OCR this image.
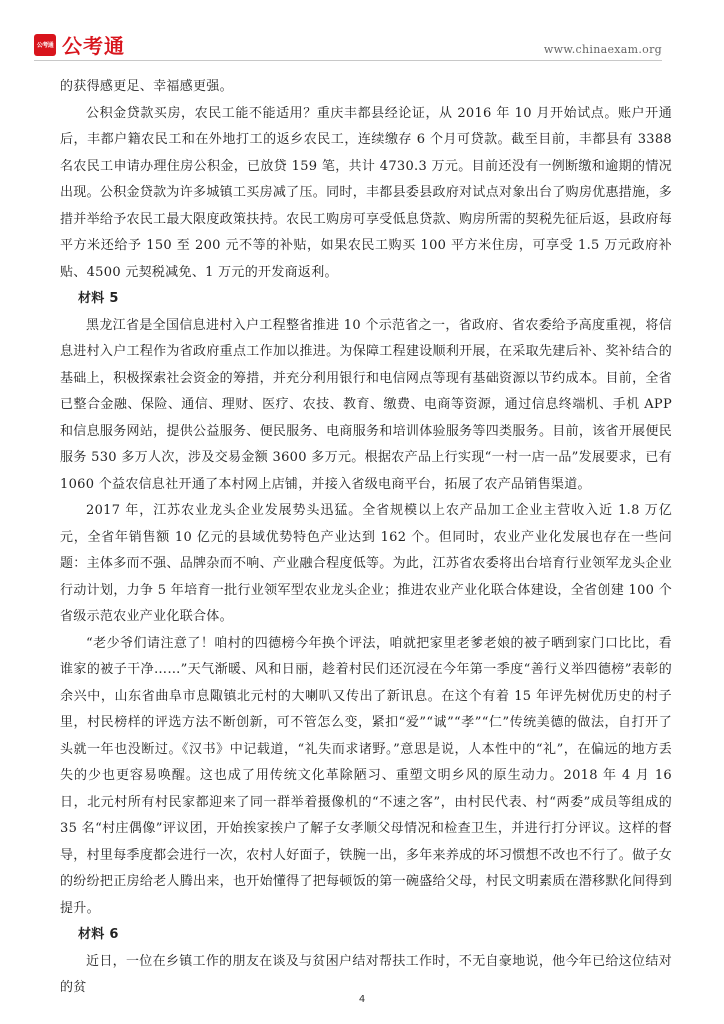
公考通 公考通	www.chinaexam.org

的获得感更足、幸福感更强。

公积金贷款买房，农民工能不能适用？重庆丰都县经论证，从 2016 年 10 月开始试点。账户开通后，丰都户籍农民工和在外地打工的返乡农民工，连续缴存 6 个月可贷款。截至目前，丰都县有 3388 名农民工申请办理住房公积金，已放贷 159 笔，共计 4730.3 万元。目前还没有一例断缴和逾期的情况出现。公积金贷款为许多城镇工买房减了压。同时，丰都县委县政府对试点对象出台了购房优惠措施，多措并举给予农民工最大限度政策扶持。农民工购房可享受低息贷款、购房所需的契税先征后返，县政府每平方米还给予 150 至 200 元不等的补贴，如果农民工购买 100 平方米住房，可享受 1.5 万元政府补贴、4500 元契税减免、1 万元的开发商返利。

材料 5

黑龙江省是全国信息进村入户工程整省推进 10 个示范省之一，省政府、省农委给予高度重视，将信息进村入户工程作为省政府重点工作加以推进。为保障工程建设顺利开展，在采取先建后补、奖补结合的基础上，积极探索社会资金的筹措，并充分利用银行和电信网点等现有基础资源以节约成本。目前，全省已整合金融、保险、通信、理财、医疗、农技、教育、缴费、电商等资源，通过信息终端机、手机 APP 和信息服务网站，提供公益服务、便民服务、电商服务和培训体验服务等四类服务。目前，该省开展便民服务 530 多万人次，涉及交易金额 3600 多万元。根据农产品上行实现“一村一店一品”发展要求，已有 1060 个益农信息社开通了本村网上店铺，并接入省级电商平台，拓展了农产品销售渠道。

2017 年，江苏农业龙头企业发展势头迅猛。全省规模以上农产品加工企业主营收入近 1.8 万亿元，全省年销售额 10 亿元的县域优势特色产业达到 162 个。但同时，农业产业化发展也存在一些问题：主体多而不强、品牌杂而不响、产业融合程度低等。为此，江苏省农委将出台培育行业领军龙头企业行动计划，力争 5 年培育一批行业领军型农业龙头企业；推进农业产业化联合体建设，全省创建 100 个省级示范农业产业化联合体。

“老少爷们请注意了！咱村的四德榜今年换个评法，咱就把家里老爹老娘的被子晒到家门口比比，看谁家的被子干净……”天气渐暖、风和日丽，趁着村民们还沉浸在今年第一季度“善行义举四德榜”表彰的余兴中，山东省曲阜市息陬镇北元村的大喇叭又传出了新讯息。在这个有着 15 年评先树优历史的村子里，村民榜样的评选方法不断创新，可不管怎么变，紧扣“爱”“诚”“孝”“仁”传统美德的做法，自打开了头就一年也没断过。《汉书》中记载道，“礼失而求诸野。”意思是说，人本性中的“礼”，在偏远的地方丢失的少也更容易唤醒。这也成了用传统文化革除陋习、重塑文明乡风的原生动力。2018 年 4 月 16 日，北元村所有村民家都迎来了同一群举着摄像机的“不速之客”，由村民代表、村“两委”成员等组成的 35 名“村庄偶像”评议团，开始挨家挨户了解子女孝顺父母情况和检查卫生，并进行打分评议。这样的督导，村里每季度都会进行一次，农村人好面子，铁腕一出，多年来养成的坏习惯想不改也不行了。做子女的纷纷把正房给老人腾出来，也开始懂得了把每顿饭的第一碗盛给父母，村民文明素质在潜移默化间得到提升。

材料 6

近日，一位在乡镇工作的朋友在谈及与贫困户结对帮扶工作时，不无自豪地说，他今年已给这位结对的贫

4
